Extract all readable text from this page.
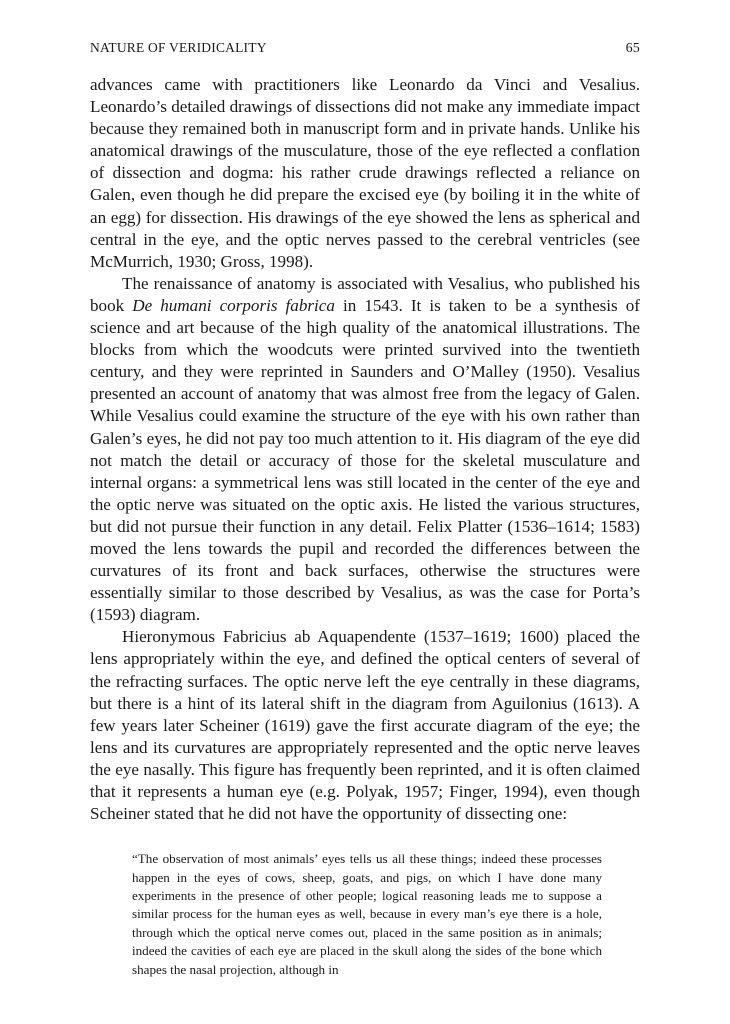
NATURE OF VERIDICALITY	65

advances came with practitioners like Leonardo da Vinci and Vesalius. Leonardo’s detailed drawings of dissections did not make any immediate impact because they remained both in manuscript form and in private hands. Unlike his anatomical drawings of the musculature, those of the eye reflected a conflation of dissection and dogma: his rather crude drawings reflected a reliance on Galen, even though he did prepare the excised eye (by boiling it in the white of an egg) for dissection. His drawings of the eye showed the lens as spherical and central in the eye, and the optic nerves passed to the cerebral ventricles (see McMurrich, 1930; Gross, 1998).

The renaissance of anatomy is associated with Vesalius, who published his book De humani corporis fabrica in 1543. It is taken to be a synthesis of science and art because of the high quality of the anatomical illustrations. The blocks from which the woodcuts were printed survived into the twentieth century, and they were reprinted in Saunders and O’Malley (1950). Vesalius presented an account of anatomy that was almost free from the legacy of Galen. While Vesalius could examine the structure of the eye with his own rather than Galen’s eyes, he did not pay too much attention to it. His diagram of the eye did not match the detail or accuracy of those for the skeletal musculature and internal organs: a symmetrical lens was still located in the center of the eye and the optic nerve was situated on the optic axis. He listed the various structures, but did not pursue their function in any detail. Felix Platter (1536–1614; 1583) moved the lens towards the pupil and recorded the differences between the curvatures of its front and back surfaces, otherwise the structures were essentially similar to those described by Vesalius, as was the case for Porta’s (1593) diagram.

Hieronymous Fabricius ab Aquapendente (1537–1619; 1600) placed the lens appropriately within the eye, and defined the optical centers of several of the refracting surfaces. The optic nerve left the eye centrally in these diagrams, but there is a hint of its lateral shift in the diagram from Aguilonius (1613). A few years later Scheiner (1619) gave the first accurate diagram of the eye; the lens and its curvatures are appropriately represented and the optic nerve leaves the eye nasally. This figure has frequently been reprinted, and it is often claimed that it represents a human eye (e.g. Polyak, 1957; Finger, 1994), even though Scheiner stated that he did not have the opportunity of dissecting one:

“The observation of most animals’ eyes tells us all these things; indeed these processes happen in the eyes of cows, sheep, goats, and pigs, on which I have done many experiments in the presence of other people; logical reasoning leads me to suppose a similar process for the human eyes as well, because in every man’s eye there is a hole, through which the optical nerve comes out, placed in the same position as in animals; indeed the cavities of each eye are placed in the skull along the sides of the bone which shapes the nasal projection, although in
